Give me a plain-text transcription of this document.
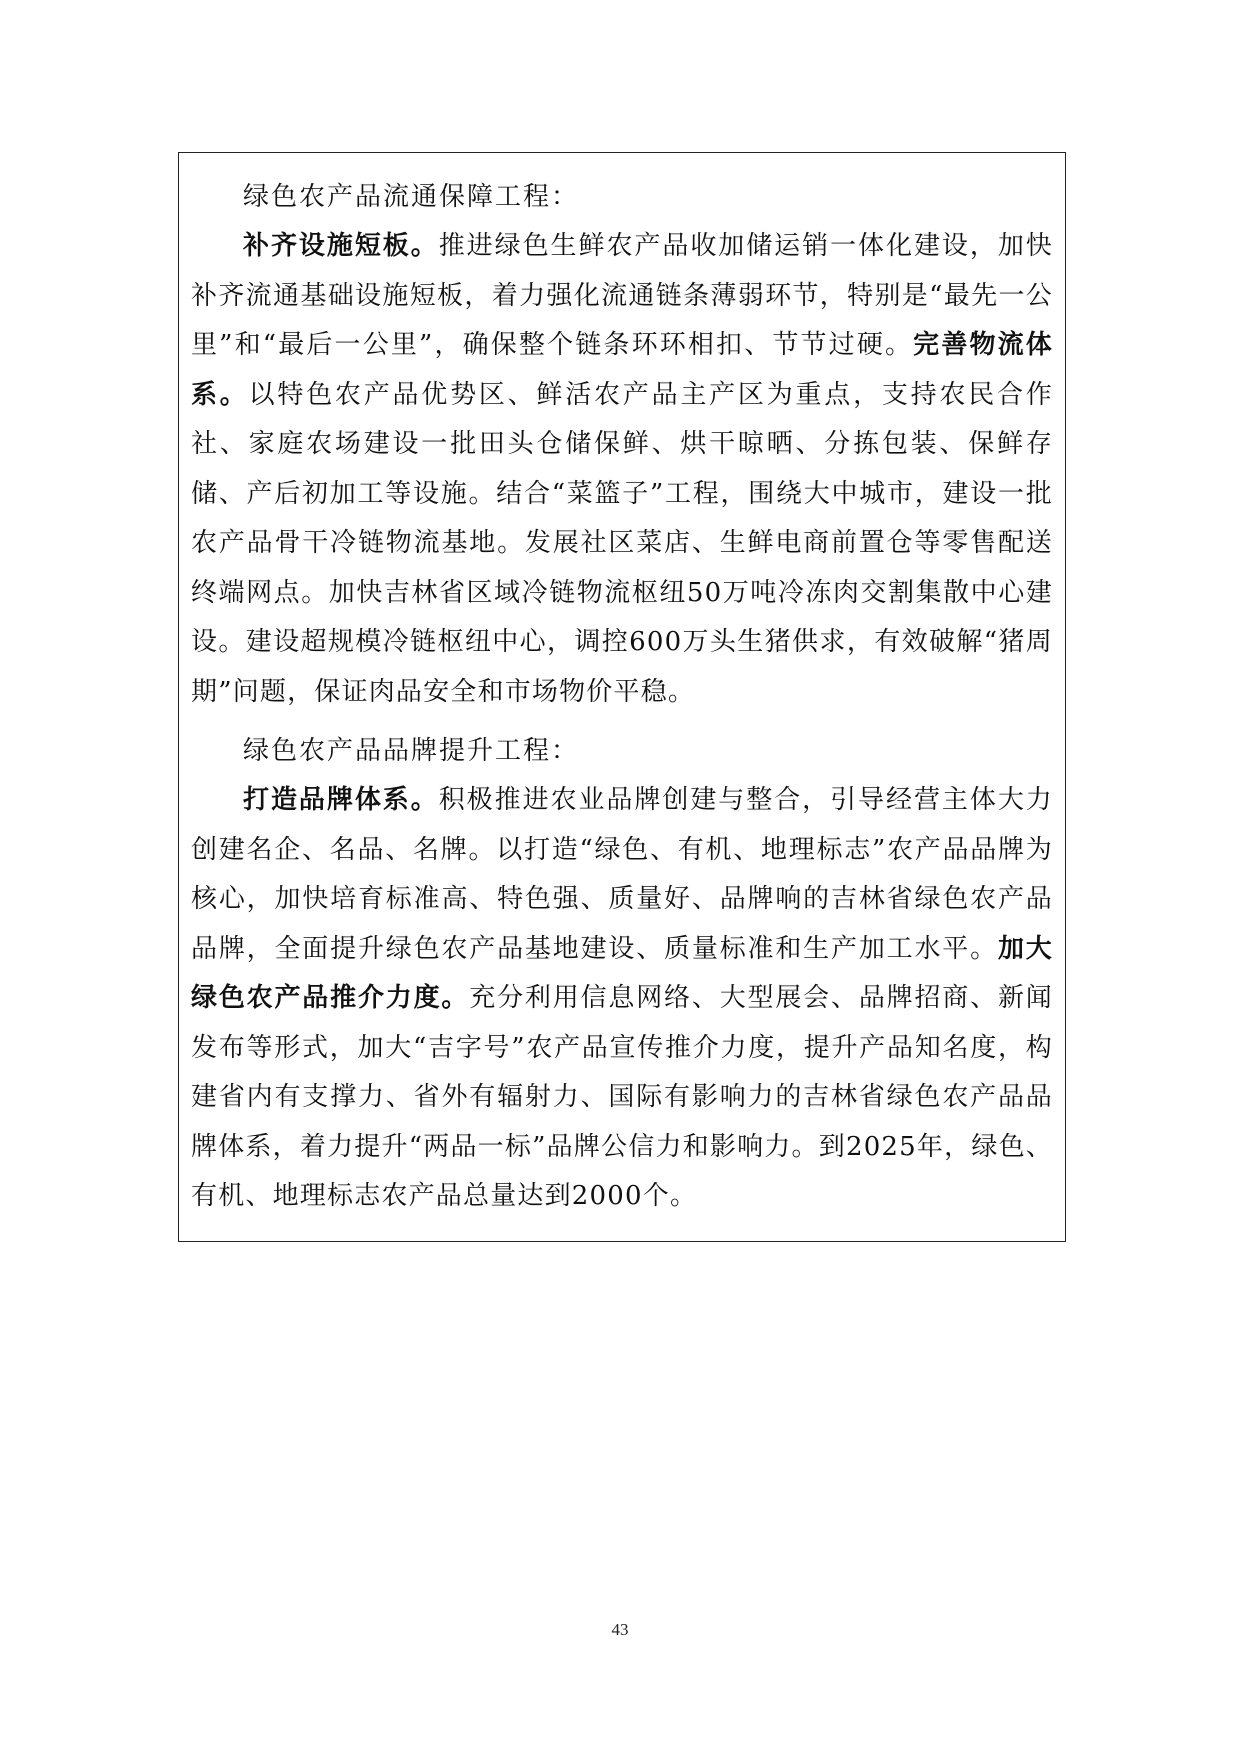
绿色农产品流通保障工程：

补齐设施短板。推进绿色生鲜农产品收加储运销一体化建设，加快补齐流通基础设施短板，着力强化流通链条薄弱环节，特别是“最先一公里”和“最后一公里”，确保整个链条环环相扣、节节过硬。完善物流体系。以特色农产品优势区、鲜活农产品主产区为重点，支持农民合作社、家庭农场建设一批田头仓储保鲜、烘干晾晒、分拣包装、保鲜存储、产后初加工等设施。结合“菜篮子”工程，围绕大中城市，建设一批农产品骨干冷链物流基地。发展社区菜店、生鲜电商前置仓等零售配送终端网点。加快吉林省区域冷链物流枢纽50万吨冷冻肉交割集散中心建设。建设超规模冷链枢纽中心，调控600万头生猪供求，有效破解“猪周期”问题，保证肉品安全和市场物价平稳。

绿色农产品品牌提升工程：

打造品牌体系。积极推进农业品牌创建与整合，引导经营主体大力创建名企、名品、名牌。以打造“绿色、有机、地理标志”农产品品牌为核心，加快培育标准高、特色强、质量好、品牌响的吉林省绿色农产品品牌，全面提升绿色农产品基地建设、质量标准和生产加工水平。加大绿色农产品推介力度。充分利用信息网络、大型展会、品牌招商、新闻发布等形式，加大“吉字号”农产品宣传推介力度，提升产品知名度，构建省内有支撑力、省外有辐射力、国际有影响力的吉林省绿色农产品品牌体系，着力提升“两品一标”品牌公信力和影响力。到2025年，绿色、有机、地理标志农产品总量达到2000个。

43
